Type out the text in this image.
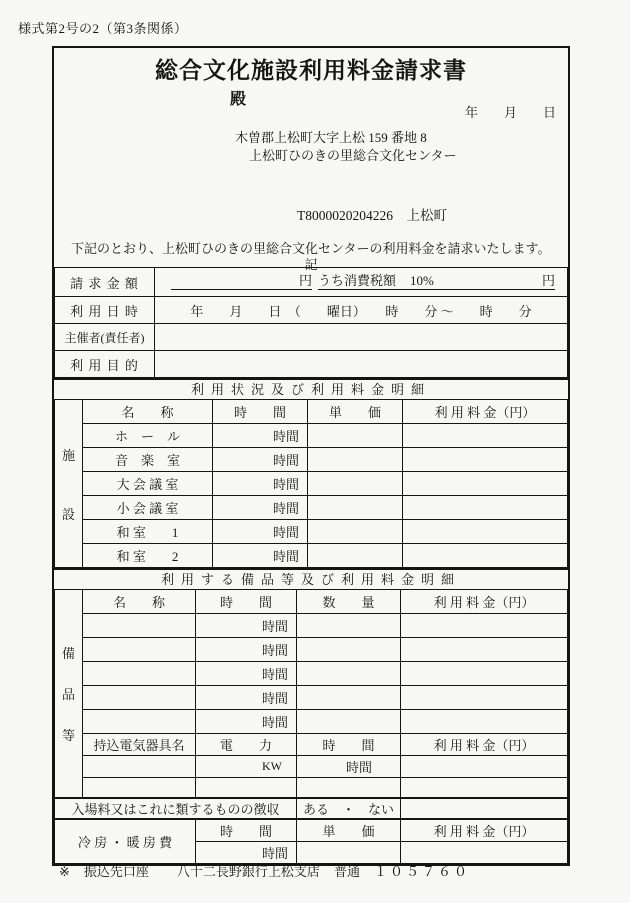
様式第2号の2（第3条関係）
総合文化施設利用料金請求書
殿
年　　月　　日
木曽郡上松町大字上松 159 番地 8
上松町ひのきの里総合文化センター
T8000020204226　上松町
下記のとおり、上松町ひのきの里総合文化センターの利用料金を請求いたします。
記
請 求 金 額	円 うち消費税額 10% 円

利 用 日 時	年　　月　　日　（　　曜日）　　時　　分 ～　　時　　分
主催者(責任者)	
利 用 目 的	
利用状況及び利用料金明細
施
設	名　　称	時　　間	単　　価	利 用 料 金（円）
	ホ　ー　ル	時間		
	音　楽　室	時間		
	大 会 議 室	時間		
	小 会 議 室	時間		
	和 室　　1	時間		
	和 室　　2	時間		
利用する備品等及び利用料金明細
備
品
等	名　　称	時　　間	数　　量	利 用 料 金（円）
		時間		
		時間		
		時間		
		時間		
		時間		
	持込電気器具名	電　　力	時　　間	利 用 料 金（円）
		KW	時間	

入場料又はこれに類するものの徴収			ある　・　ない	
冷 房 ・ 暖 房 費		時　　間	単　　価	利 用 料 金（円）
		時間		
※ 振込先口座 八十二長野銀行上松支店 普通 １０５７６０
